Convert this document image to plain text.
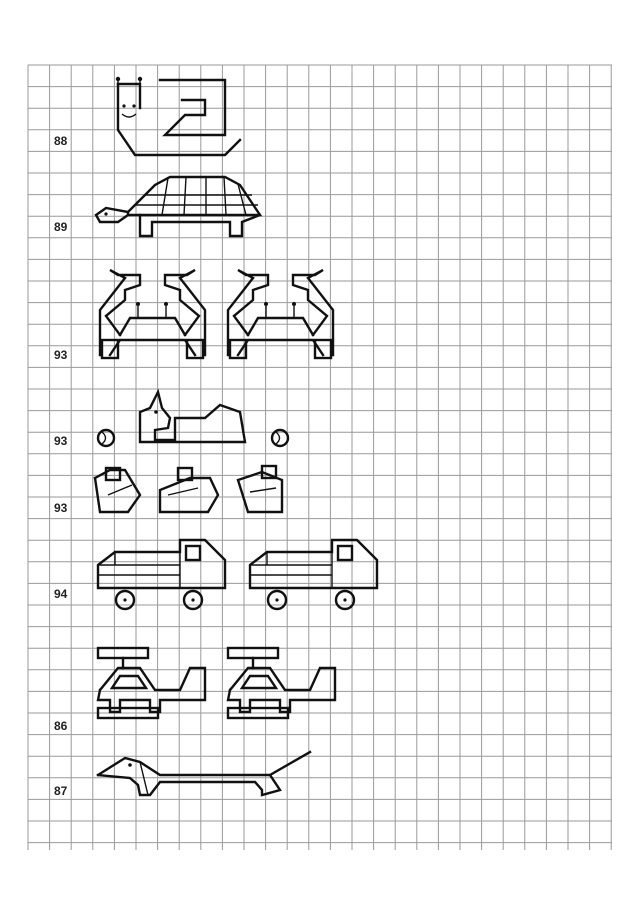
88
89
93
93
93
94
86
87
